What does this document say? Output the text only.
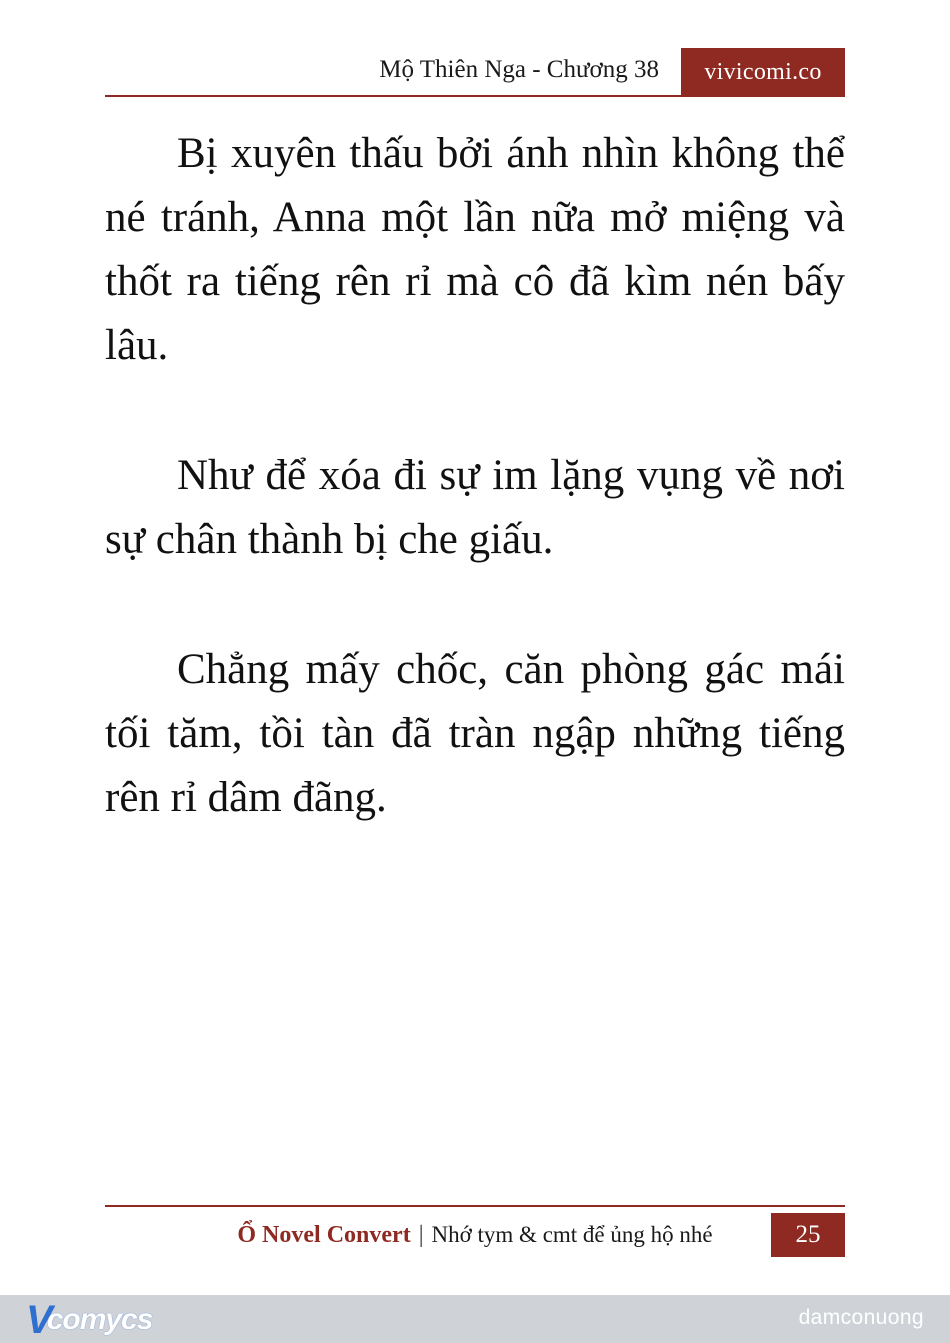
Mộ Thiên Nga - Chương 38	vivicomi.co

Bị xuyên thấu bởi ánh nhìn không thể né tránh, Anna một lần nữa mở miệng và thốt ra tiếng rên rỉ mà cô đã kìm nén bấy lâu.

Như để xóa đi sự im lặng vụng về nơi sự chân thành bị che giấu.

Chẳng mấy chốc, căn phòng gác mái tối tăm, tồi tàn đã tràn ngập những tiếng rên rỉ dâm đãng.

Ổ Novel Convert | Nhớ tym & cmt để ủng hộ nhé	25
V
comycs	damconuong
